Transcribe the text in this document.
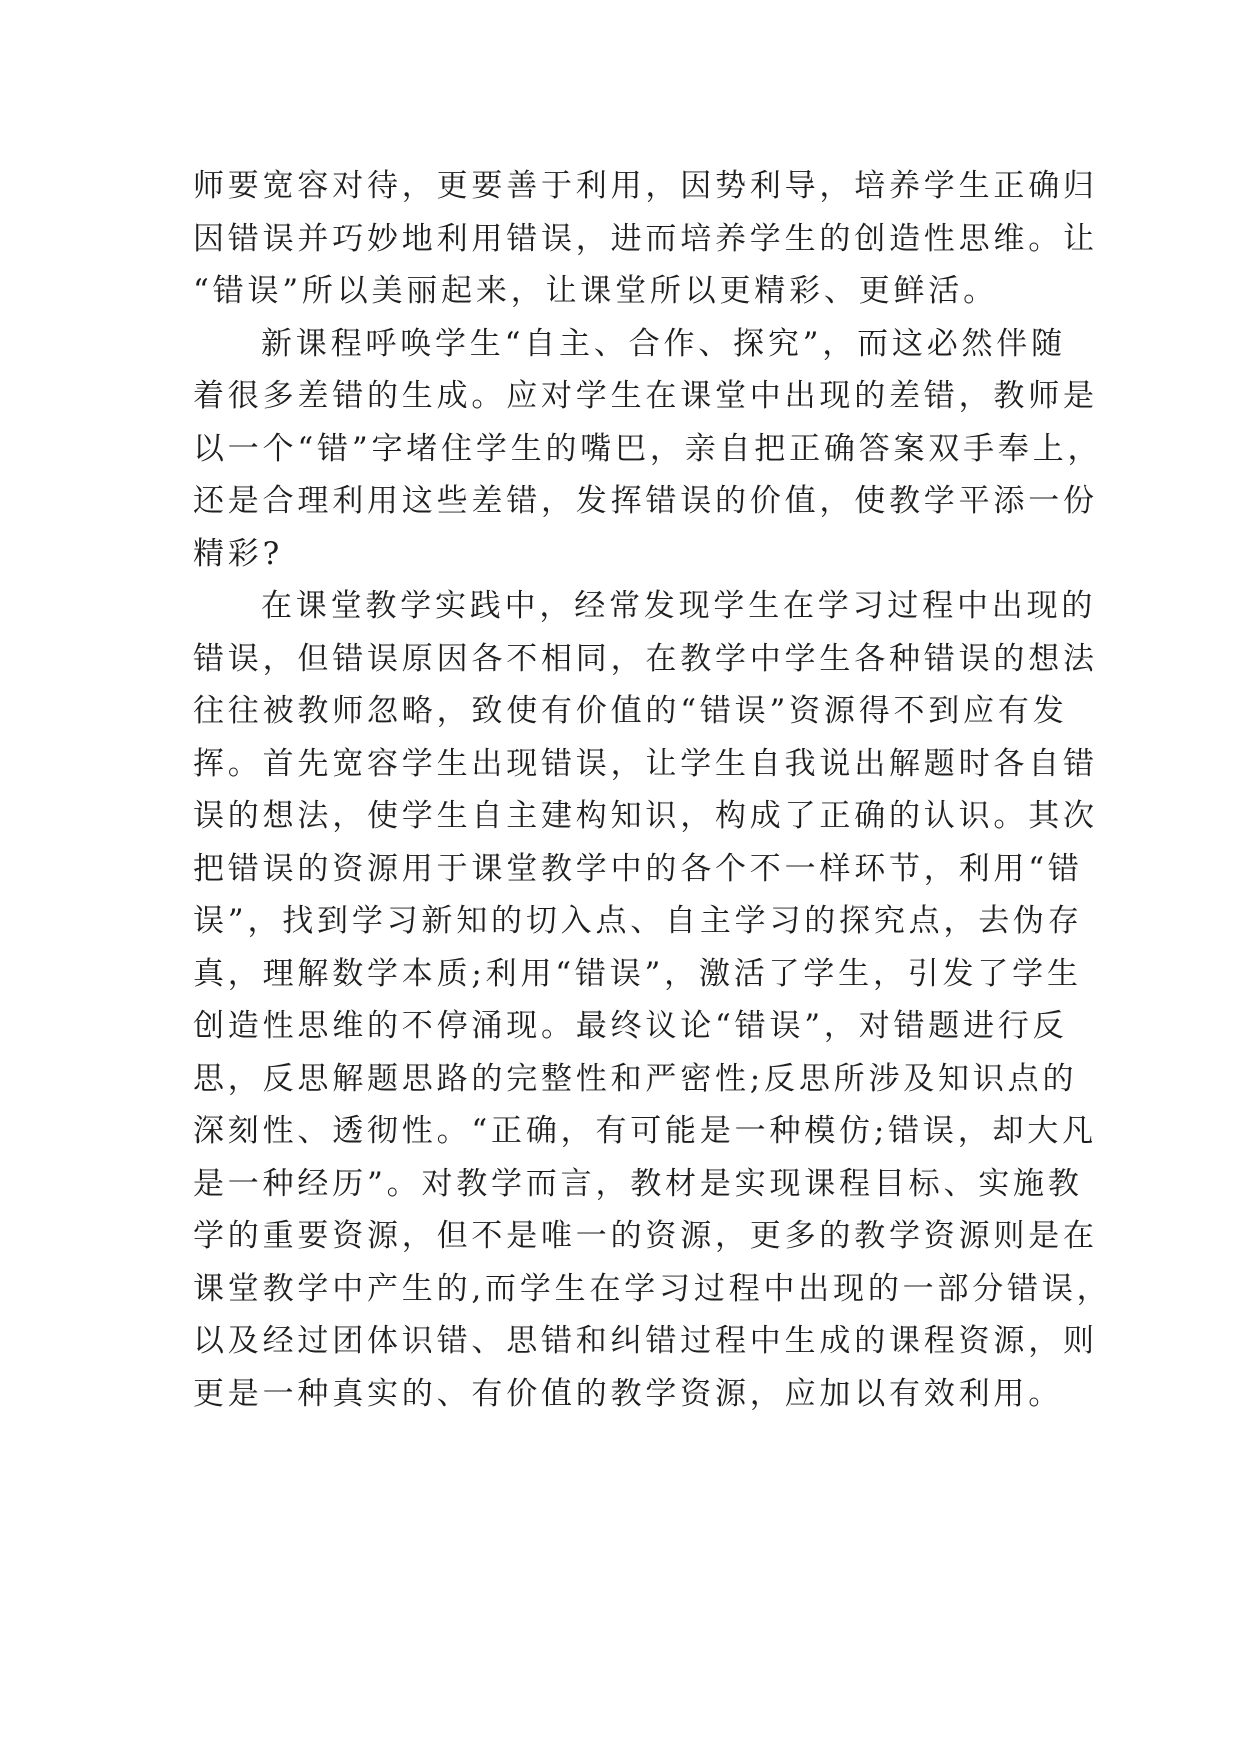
师要宽容对待，更要善于利用，因势利导，培养学生正确归
因错误并巧妙地利用错误，进而培养学生的创造性思维。让
“错误”所以美丽起来，让课堂所以更精彩、更鲜活。
新课程呼唤学生“自主、合作、探究”，而这必然伴随
着很多差错的生成。应对学生在课堂中出现的差错，教师是
以一个“错”字堵住学生的嘴巴，亲自把正确答案双手奉上，
还是合理利用这些差错，发挥错误的价值，使教学平添一份
精彩?
在课堂教学实践中，经常发现学生在学习过程中出现的
错误，但错误原因各不相同，在教学中学生各种错误的想法
往往被教师忽略，致使有价值的“错误”资源得不到应有发
挥。首先宽容学生出现错误，让学生自我说出解题时各自错
误的想法，使学生自主建构知识，构成了正确的认识。其次
把错误的资源用于课堂教学中的各个不一样环节，利用“错
误”，找到学习新知的切入点、自主学习的探究点，去伪存
真，理解数学本质;利用“错误”，激活了学生，引发了学生
创造性思维的不停涌现。最终议论“错误”，对错题进行反
思，反思解题思路的完整性和严密性;反思所涉及知识点的
深刻性、透彻性。“正确，有可能是一种模仿;错误，却大凡
是一种经历”。对教学而言，教材是实现课程目标、实施教
学的重要资源，但不是唯一的资源，更多的教学资源则是在
课堂教学中产生的,而学生在学习过程中出现的一部分错误，
以及经过团体识错、思错和纠错过程中生成的课程资源，则
更是一种真实的、有价值的教学资源，应加以有效利用。
